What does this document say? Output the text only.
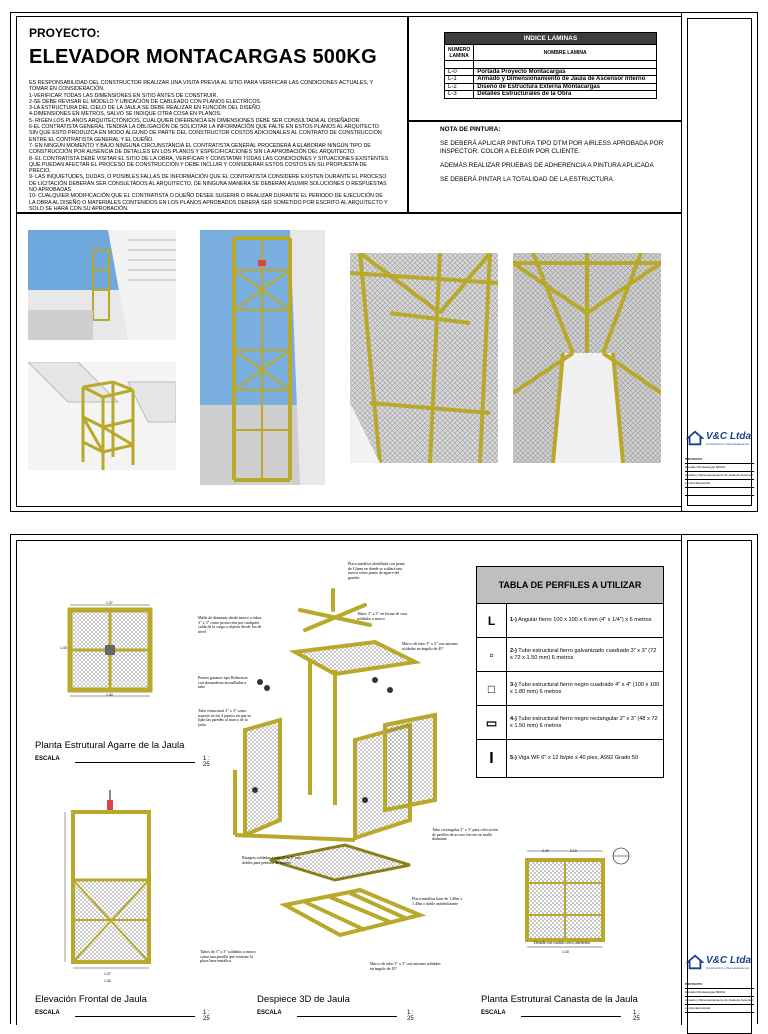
V&C Ltda
Construcción y Remodelaciones
PROYECTO:
Elevador Montacargas 500KG
Armado y Dimensionamiento de Jaula de Ascensor
Lamina Estructural
PROYECTO:
ELEVADOR MONTACARGAS 500KG
ES RESPONSABILIDAD DEL CONSTRUCTOR REALIZAR UNA VISITA PREVIA AL SITIO PARA VERIFICAR LAS CONDICIONES ACTUALES, Y TOMAR EN CONSIDERACIÓN.
1-VERIFICAR TODAS LAS DIMENSIONES EN SITIO ANTES DE CONSTRUIR.
2-SE DEBE REVISAR EL MODELO Y UBICACIÓN DE CABLEADO CON PLANOS ELECTRICOS.
3-LA ESTRUCTURA DEL CIELO DE LA JAULA SE DEBE REALIZAR EN FUNCIÓN DEL DISEÑO.
4-DIMENSIONES EN METROS, SALVO SE INDIQUE OTRA COSA EN PLANOS.
5- RIGEN LOS PLANOS ARQUITECTÓNICOS, CUALQUIER DIFERENCIA EN DIMENSIONES DEBE SER CONSULTADA AL DISEÑADOR.
6-EL CONTRATISTA GENERAL TENDRÁ LA OBLIGACIÓN DE SOLICITAR LA INFORMACIÓN QUE FALTE EN ESTOS PLANOS AL ARQUITECTO SIN QUE ESTO PRODUZCA EN MODO ALGUNO DE PARTE DEL CONSTRUCTOR COSTOS ADICIONALES AL CONTRATO DE CONSTRUCCIÓN ENTRE EL CONTRATISTA GENERAL Y EL DUEÑO.
7- EN NINGÚN MOMENTO Y BAJO NINGUNA CIRCUNSTANCIA EL CONTRATISTA GENERAL PROCEDERÁ A ELABORAR NINGÚN TIPO DE CONSTRUCCIÓN POR AUSENCIA DE DETALLES EN LOS PLANOS Y ESPECIFICACIONES SIN LA APROBACIÓN DEL ARQUITECTO.
8- EL CONTRATISTA DEBE VISITAR EL SITIO DE LA OBRA, VERIFICAR Y CONSTATAR TODAS LAS CONDICIONES Y SITUACIONES EXISTENTES QUE PUEDAN AFECTAR EL PROCESO DE CONSTRUCCIÓN Y DEBE INCLUIR Y CONSIDERAR ESTOS COSTOS EN SU PROPUESTA DE PRECIO.
9- LAS INQUIETUDES, DUDAS, O POSIBLES FALLAS DE INFORMACIÓN QUE EL CONTRATISTA CONSIDERE EXISTEN DURANTE EL PROCESO DE LICITACIÓN DEBERÁN SER CONSULTADOS AL ARQUITECTO, DE NINGUNA MANERA SE DEBERÁN ASUMIR SOLUCIONES O RESPUESTAS NO APROBADAS.
10- CUALQUIER MODIFICACIÓN QUE EL CONTRATISTA O DUEÑO DESEE SUGERIR O REALIZAR DURANTE EL PERIODO DE EJECUCIÓN DE LA OBRA AL DISEÑO O MATERIALES CONTENIDOS EN LOS PLANOS APROBADOS DEBERÁ SER SOMETIDO POR ESCRITO AL ARQUITECTO Y SOLO SE HARÁ CON SU APROBACIÓN.
INDICE LAMINAS	
NUMERO LAMINA	NOMBRE LAMINA

L-0	Portada Proyecto Montacargas
L-1	Armado y Dimensionamiento de Jaula de Ascensor Interno
L-2	Diseño de Estructura Externa Montacargas
L-3	Detalles Estructurales de la Obra

NOTA DE PINTURA:

SE DEBERÁ APLICAR PINTURA TIPO DTM POR AIRLESS APROBADA POR INSPECTOR. COLOR A ELEGIR POR CLIENTE.

ADEMÁS REALIZAR PRUEBAS DE ADHERENCIA A PINTURA APLICADA

SE DEBERÁ PINTAR LA TOTALIDAD DE LA ESTRUCTURA

V&C Ltda
Construcción y Remodelaciones
PROYECTO:
Elevador Montacargas 500KG
Armado y Dimensionamiento de Jaula de Ascensor
Lamina Estructural
1.37
1.40
1.40
Planta Estrutural Agarre de la Jaula
ESCALA	1 : 25
1.37
1.40
Elevación Frontal de Jaula
ESCALA	1 : 25
0.49	0.10
1.40
Planta Estrutural Canasta de la Jaula
ESCALA	1 : 25
Despiece 3D de Jaula
ESCALA	1 : 25
Placa metálica alertillada con perno de 12mm en donde se soldará una tuerca como punto de agarre del gancho
Tubos 3" x 3" en forma de cruz soldados a marco
Marco de tubo 3" x 3" con uniones soldadas en ángulo de 45°
Malla de diamante desde marco a tubos 3" x 3" como protección por cualquier caída de la carga u objetos desde 1m de nivel
Pernos gusanos tipo Robertson con abrazaderas atornilladas a tubo
Tubo estructural 3" x 3" como soporte en los 4 puntos en que se fijan las paredes al marco de la jaula
Tubo rectangular 2" x 3" para colocación de perfiles de acceso tercero en malla diamante
Bisagras soldadas a tubo 3" x 3" con dobles para permitir de acceso
Placa metálica base de 1.40m x 1.40m o doble antideslizante
Tubos de 3" x 3" soldados a marco como una parrilla que sostiene la placa base metálica
Marco de tubo 3" x 3" con uniones soldadas en ángulo de 45°
Detalle con cordón cerco alrededor
TABLA DE PERFILES A UTILIZAR
L	1-) Angular fierro 100 x 100 x 6 mm (4" x 1/4") x 6 metros
▫	2-) Tubo estructural fierro galvanizado cuadrado 3" x 3" (72 x 72 x 1.50 mm) 6 metros
□	3-) Tubo estructural fierro negro cuadrado 4" x 4" (100 x 100 x 1.80 mm) 6 metros
▭	4-) Tubo estructural fierro negro rectangular 2" x 3" (48 x 72 x 1.50 mm) 6 metros
I	5-) Viga WF 6" x 12 lb/pie x 40 pies, A992 Grado 50
